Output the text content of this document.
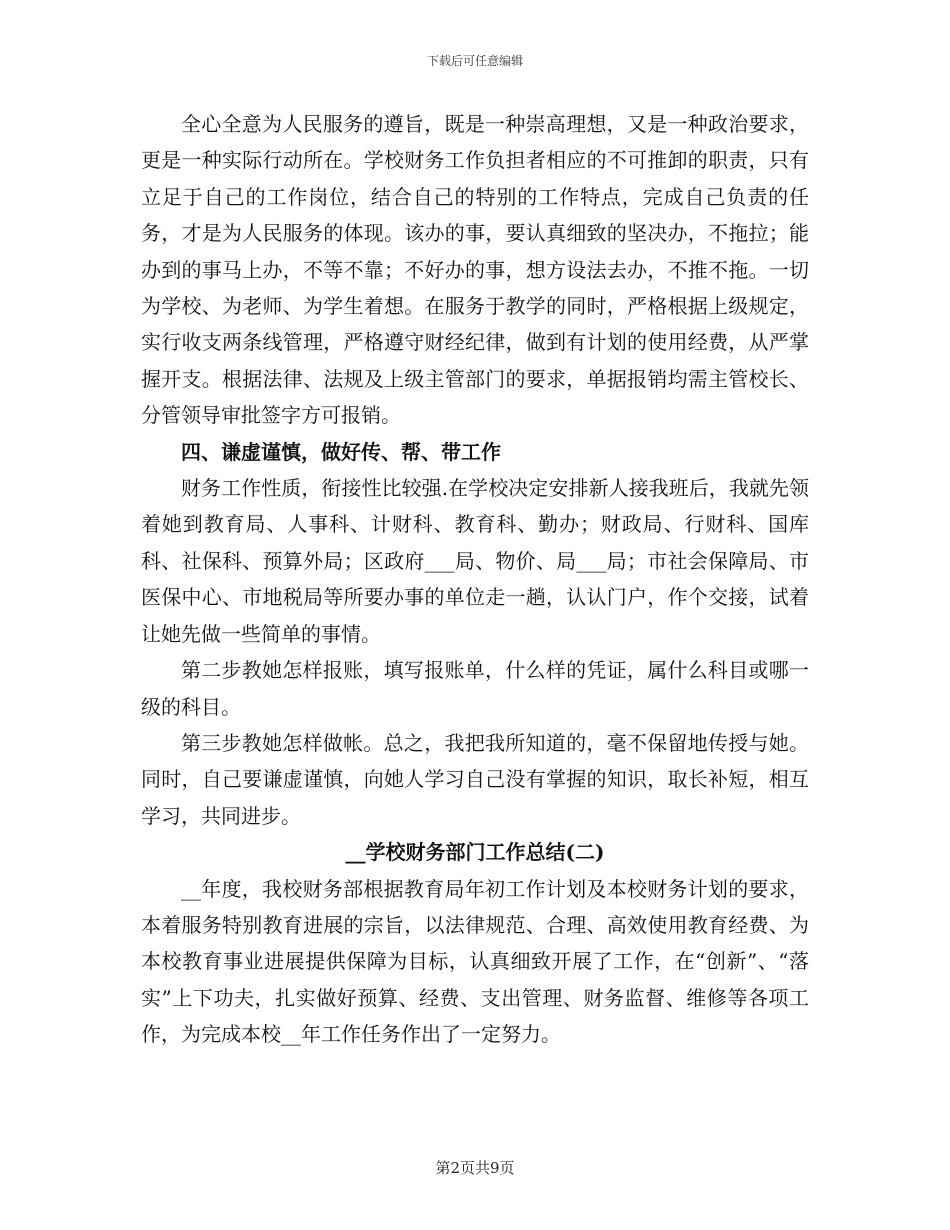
下载后可任意编辑

全心全意为人民服务的遵旨，既是一种崇高理想，又是一种政治要求，更是一种实际行动所在。学校财务工作负担者相应的不可推卸的职责，只有立足于自己的工作岗位，结合自己的特别的工作特点，完成自己负责的任务，才是为人民服务的体现。该办的事，要认真细致的坚决办，不拖拉；能办到的事马上办，不等不靠；不好办的事，想方设法去办，不推不拖。一切为学校、为老师、为学生着想。在服务于教学的同时，严格根据上级规定，实行收支两条线管理，严格遵守财经纪律，做到有计划的使用经费，从严掌握开支。根据法律、法规及上级主管部门的要求，单据报销均需主管校长、分管领导审批签字方可报销。

四、谦虚谨慎，做好传、帮、带工作

财务工作性质，衔接性比较强.在学校决定安排新人接我班后，我就先领着她到教育局、人事科、计财科、教育科、勤办；财政局、行财科、国库科、社保科、预算外局；区政府___局、物价、局___局；市社会保障局、市医保中心、市地税局等所要办事的单位走一趟，认认门户，作个交接，试着让她先做一些简单的事情。

第二步教她怎样报账，填写报账单，什么样的凭证，属什么科目或哪一级的科目。

第三步教她怎样做帐。总之，我把我所知道的，毫不保留地传授与她。同时，自己要谦虚谨慎，向她人学习自己没有掌握的知识，取长补短，相互学习，共同进步。

__学校财务部门工作总结(二)

__年度，我校财务部根据教育局年初工作计划及本校财务计划的要求，本着服务特别教育进展的宗旨，以法律规范、合理、高效使用教育经费、为本校教育事业进展提供保障为目标，认真细致开展了工作，在“创新”、“落实”上下功夫，扎实做好预算、经费、支出管理、财务监督、维修等各项工作，为完成本校__年工作任务作出了一定努力。

第2页共9页
